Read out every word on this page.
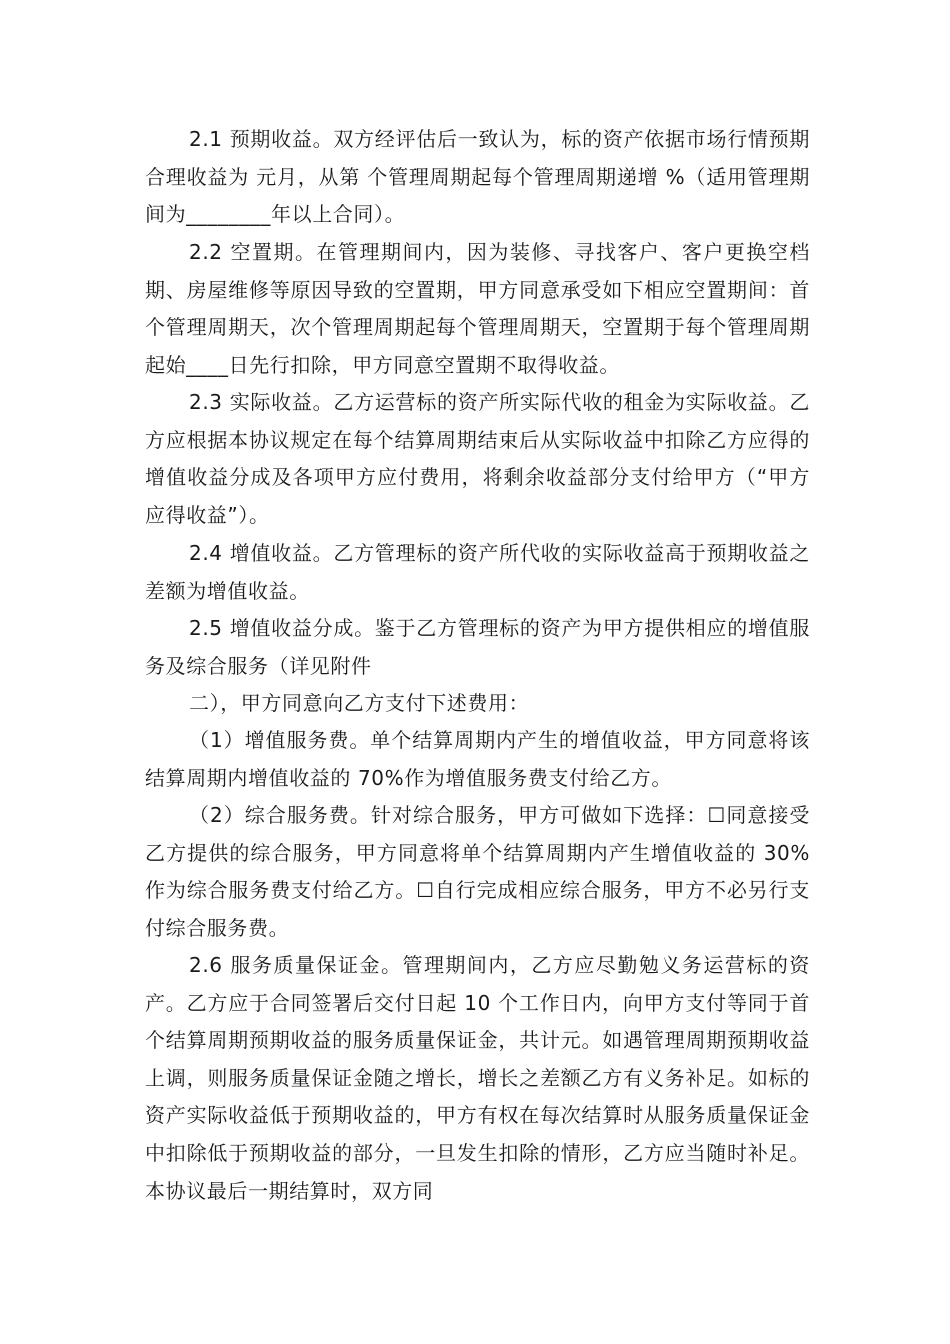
2.1 预期收益。双方经评估后一致认为，标的资产依据市场行情预期合理收益为 元月，从第 个管理周期起每个管理周期递增 %（适用管理期间为________年以上合同）。

2.2 空置期。在管理期间内，因为装修、寻找客户、客户更换空档期、房屋维修等原因导致的空置期，甲方同意承受如下相应空置期间：首个管理周期天，次个管理周期起每个管理周期天，空置期于每个管理周期起始____日先行扣除，甲方同意空置期不取得收益。

2.3 实际收益。乙方运营标的资产所实际代收的租金为实际收益。乙方应根据本协议规定在每个结算周期结束后从实际收益中扣除乙方应得的增值收益分成及各项甲方应付费用，将剩余收益部分支付给甲方（“甲方应得收益”）。

2.4 增值收益。乙方管理标的资产所代收的实际收益高于预期收益之差额为增值收益。

2.5 增值收益分成。鉴于乙方管理标的资产为甲方提供相应的增值服务及综合服务（详见附件

二），甲方同意向乙方支付下述费用：

（1）增值服务费。单个结算周期内产生的增值收益，甲方同意将该结算周期内增值收益的 70%作为增值服务费支付给乙方。

（2）综合服务费。针对综合服务，甲方可做如下选择：☐同意接受乙方提供的综合服务，甲方同意将单个结算周期内产生增值收益的 30%作为综合服务费支付给乙方。☐自行完成相应综合服务，甲方不必另行支付综合服务费。

2.6 服务质量保证金。管理期间内，乙方应尽勤勉义务运营标的资产。乙方应于合同签署后交付日起 10 个工作日内，向甲方支付等同于首个结算周期预期收益的服务质量保证金，共计元。如遇管理周期预期收益上调，则服务质量保证金随之增长，增长之差额乙方有义务补足。如标的资产实际收益低于预期收益的，甲方有权在每次结算时从服务质量保证金中扣除低于预期收益的部分，一旦发生扣除的情形，乙方应当随时补足。本协议最后一期结算时，双方同
